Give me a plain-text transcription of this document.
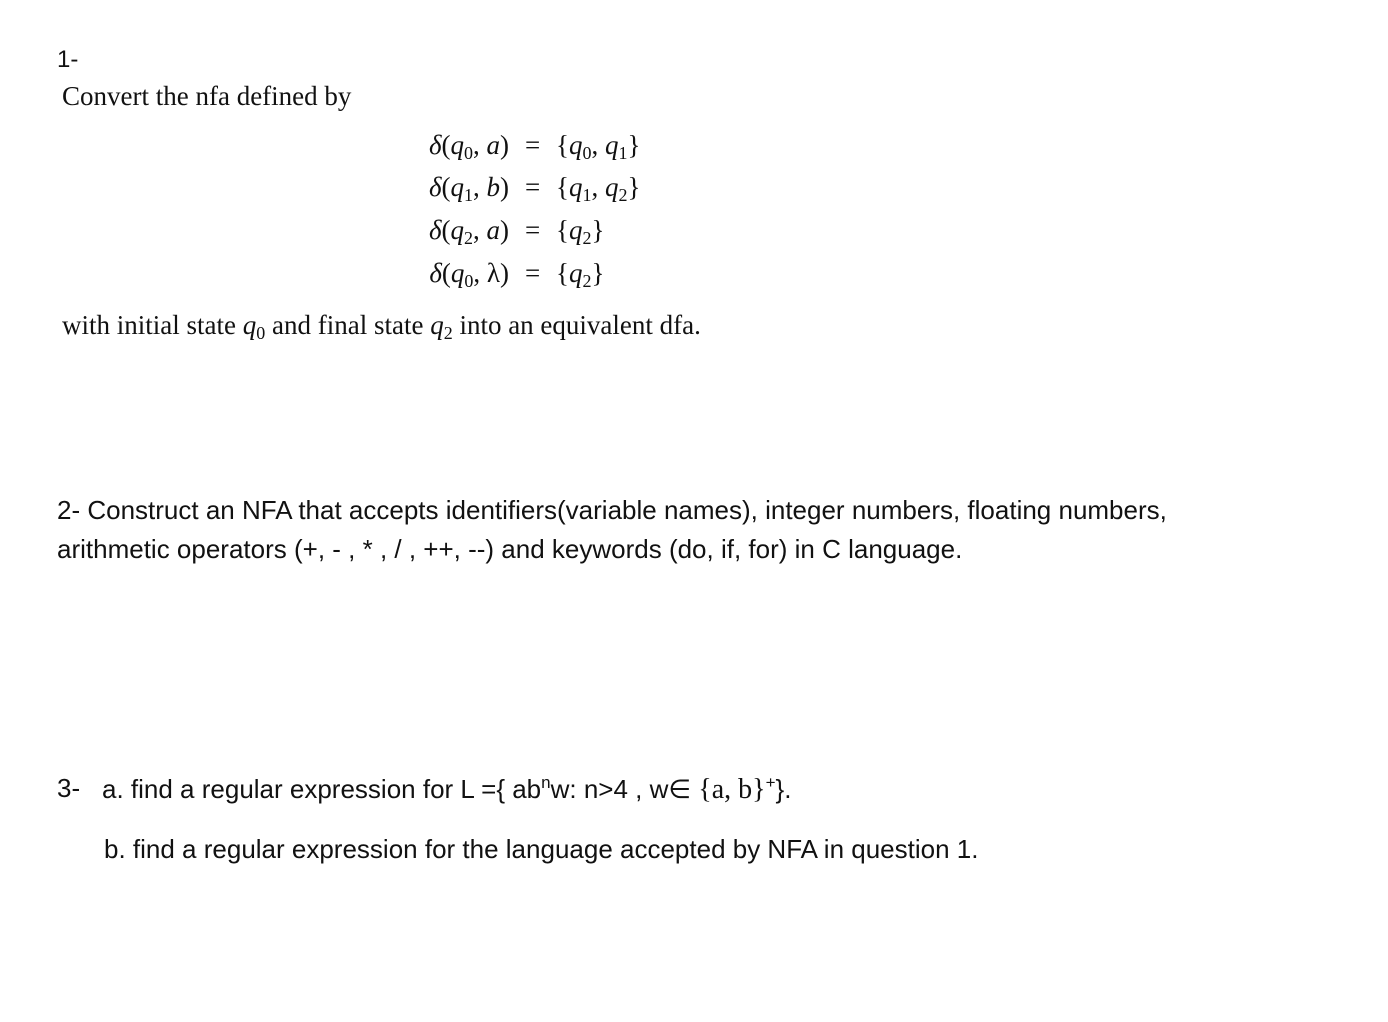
1-
Convert the nfa defined by
$\delta(q_0$, $a) = \{q_0$, $q_1$}
$\delta(q_1$, $b) = \{q_1$, $q_2$}
$\delta(q_2$, $a) = \{q_2\}$
$\delta(q_0$, $\lambda) = \{q_2\}$
with initial state $q_0$ and final state $q_2$ into an equivalent dfa.
2- Construct an NFA that accepts identifiers(variable names), integer numbers, floating numbers,
arithmetic operators (+, - , * , / , ++, --) and keywords (do, if, for) in C language.
3- a. find a regular expression for L ={ $ab^nw$: n>4 , w∈ {a, b}+}.
b. find a regular expression for the language accepted by NFA in question 1.
